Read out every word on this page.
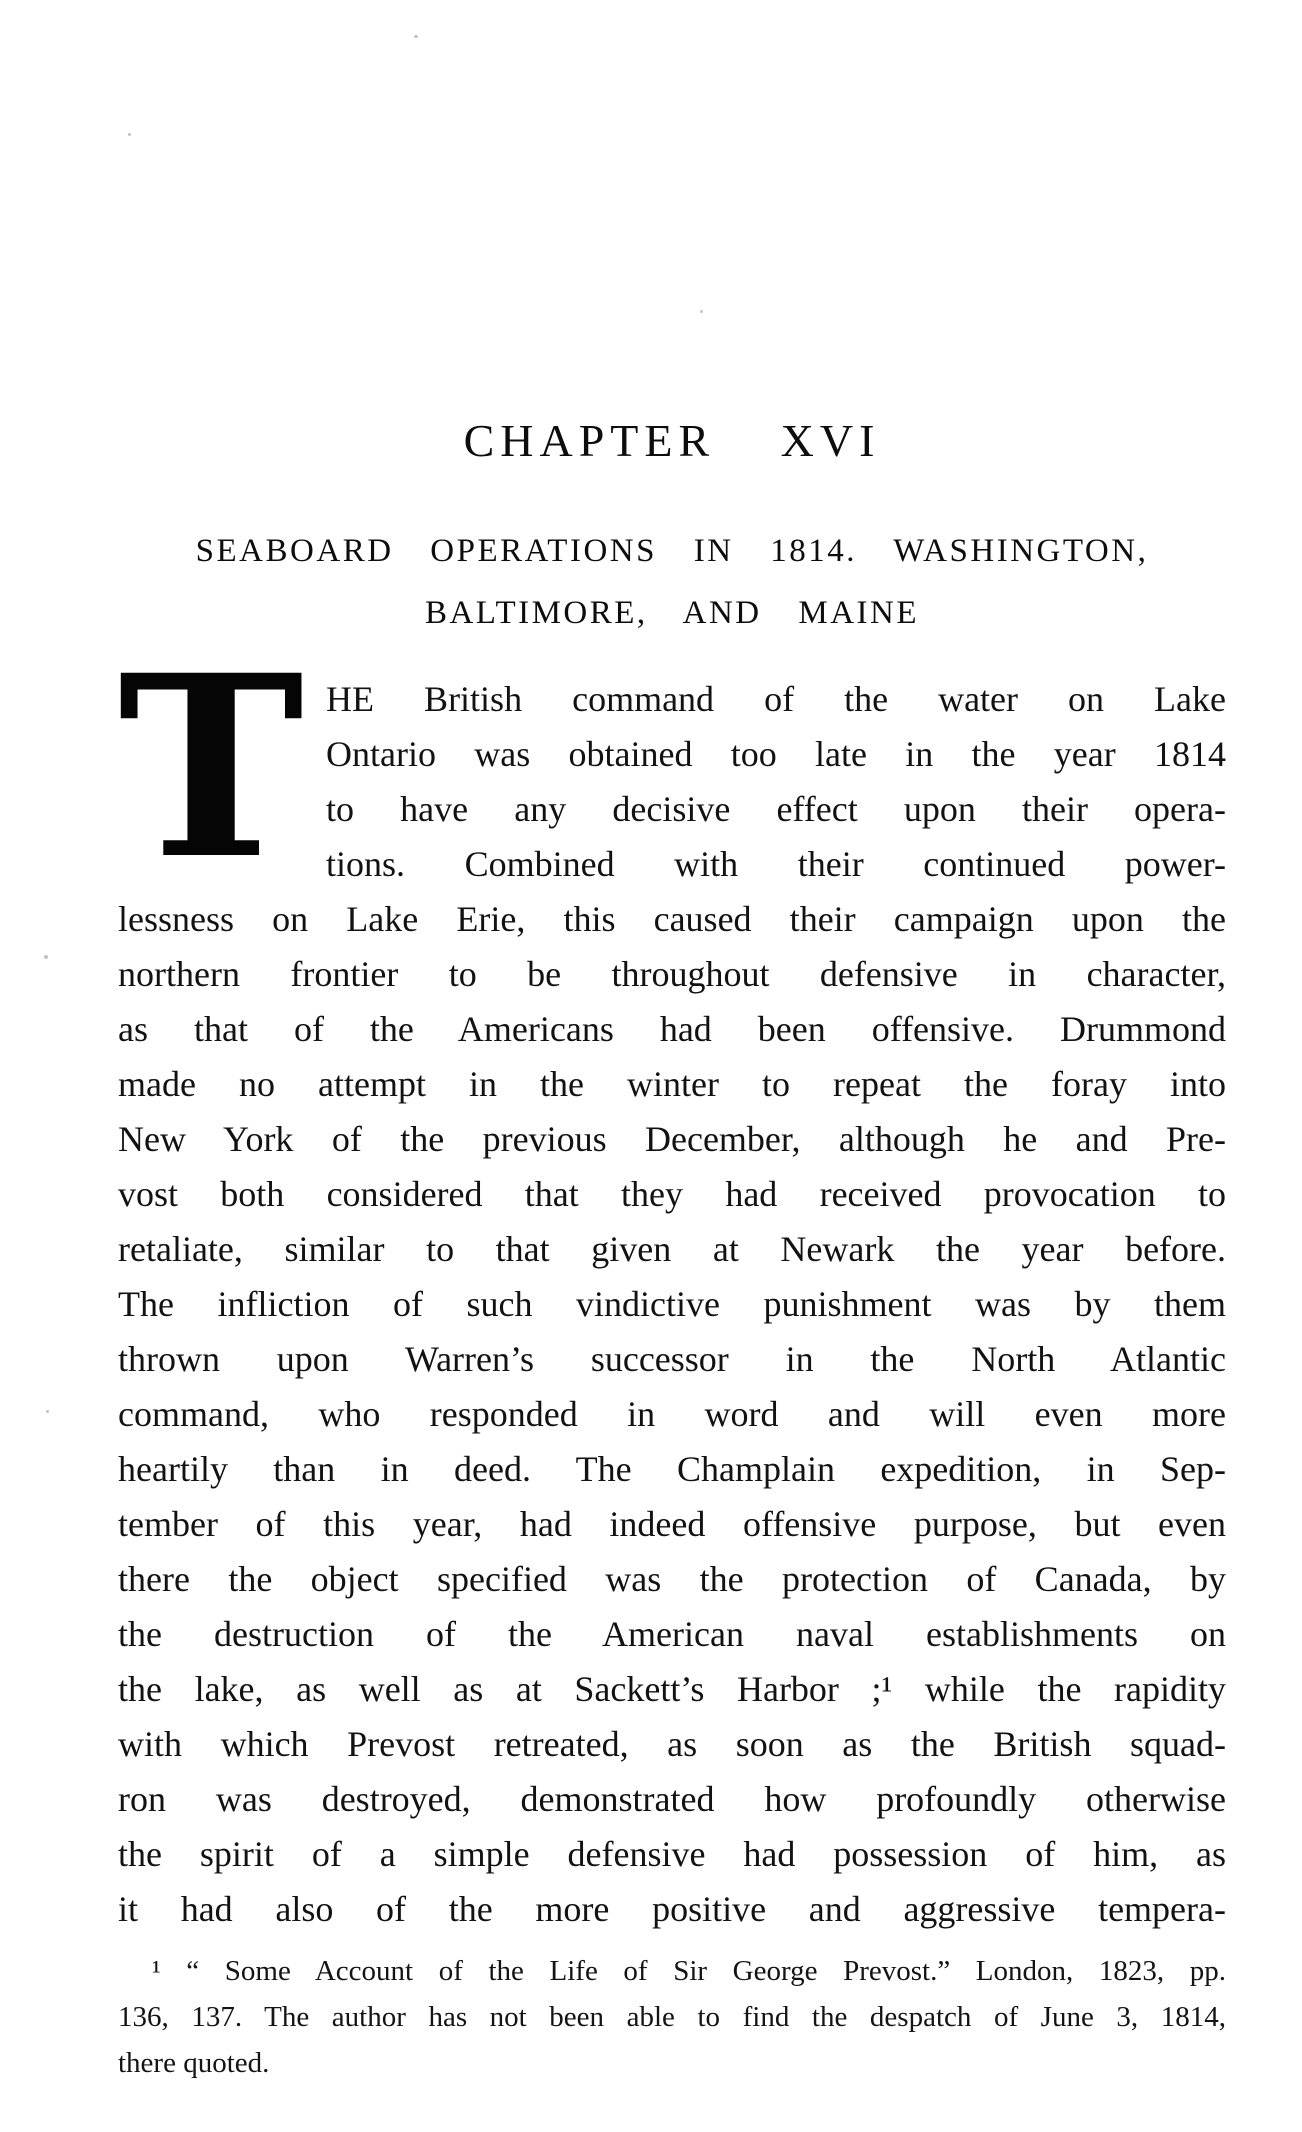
CHAPTER XVI
SEABOARD OPERATIONS IN 1814. WASHINGTON,
BALTIMORE, AND MAINE
T HE British command of the water on Lake
Ontario was obtained too late in the year 1814
to have any decisive effect upon their opera-
tions. Combined with their continued power-
lessness on Lake Erie, this caused their campaign upon the
northern frontier to be throughout defensive in character,
as that of the Americans had been offensive. Drummond
made no attempt in the winter to repeat the foray into
New York of the previous December, although he and Pre-
vost both considered that they had received provocation to
retaliate, similar to that given at Newark the year before.
The infliction of such vindictive punishment was by them
thrown upon Warren’s successor in the North Atlantic
command, who responded in word and will even more
heartily than in deed. The Champlain expedition, in Sep-
tember of this year, had indeed offensive purpose, but even
there the object specified was the protection of Canada, by
the destruction of the American naval establishments on
the lake, as well as at Sackett’s Harbor ;¹ while the rapidity
with which Prevost retreated, as soon as the British squad-
ron was destroyed, demonstrated how profoundly otherwise
the spirit of a simple defensive had possession of him, as
it had also of the more positive and aggressive tempera-
¹ “ Some Account of the Life of Sir George Prevost.” London, 1823, pp.
136, 137. The author has not been able to find the despatch of June 3, 1814,
there quoted.
